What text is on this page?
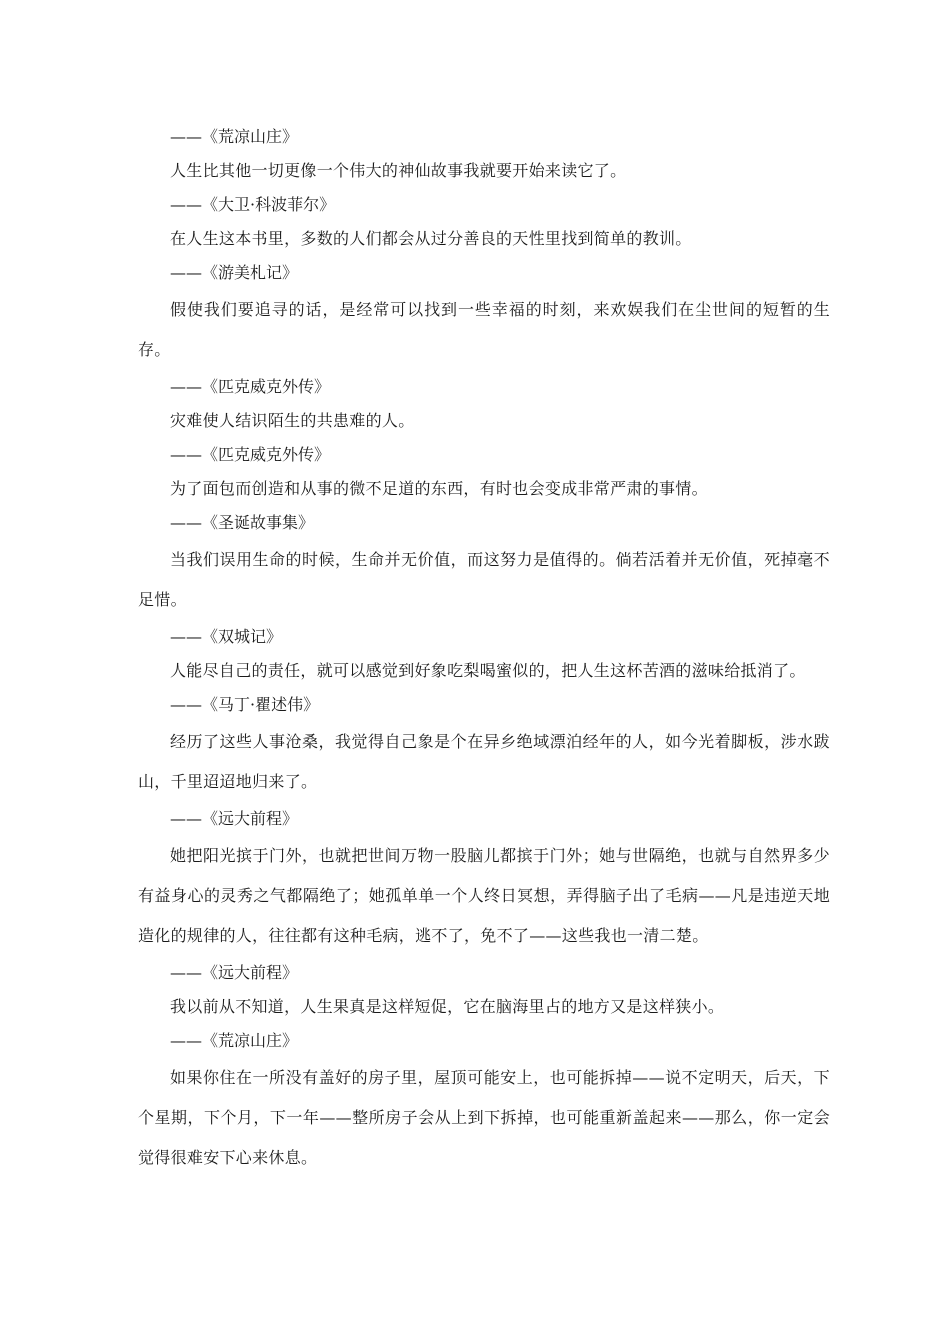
——《荒凉山庄》

人生比其他一切更像一个伟大的神仙故事我就要开始来读它了。

——《大卫·科波菲尔》

在人生这本书里，多数的人们都会从过分善良的天性里找到简单的教训。

——《游美札记》

假使我们要追寻的话，是经常可以找到一些幸福的时刻，来欢娱我们在尘世间的短暂的生存。

——《匹克威克外传》

灾难使人结识陌生的共患难的人。

——《匹克威克外传》

为了面包而创造和从事的微不足道的东西，有时也会变成非常严肃的事情。

——《圣诞故事集》

当我们误用生命的时候，生命并无价值，而这努力是值得的。倘若活着并无价值，死掉毫不足惜。

——《双城记》

人能尽自己的责任，就可以感觉到好象吃梨喝蜜似的，把人生这杯苦酒的滋味给抵消了。

——《马丁·瞿述伟》

经历了这些人事沧桑，我觉得自己象是个在异乡绝域漂泊经年的人，如今光着脚板，涉水跋山，千里迢迢地归来了。

——《远大前程》

她把阳光摈于门外，也就把世间万物一股脑儿都摈于门外；她与世隔绝，也就与自然界多少有益身心的灵秀之气都隔绝了；她孤单单一个人终日冥想，弄得脑子出了毛病——凡是违逆天地造化的规律的人，往往都有这种毛病，逃不了，免不了——这些我也一清二楚。

——《远大前程》

我以前从不知道，人生果真是这样短促，它在脑海里占的地方又是这样狭小。

——《荒凉山庄》

如果你住在一所没有盖好的房子里，屋顶可能安上，也可能拆掉——说不定明天，后天，下个星期，下个月，下一年——整所房子会从上到下拆掉，也可能重新盖起来——那么，你一定会觉得很难安下心来休息。
